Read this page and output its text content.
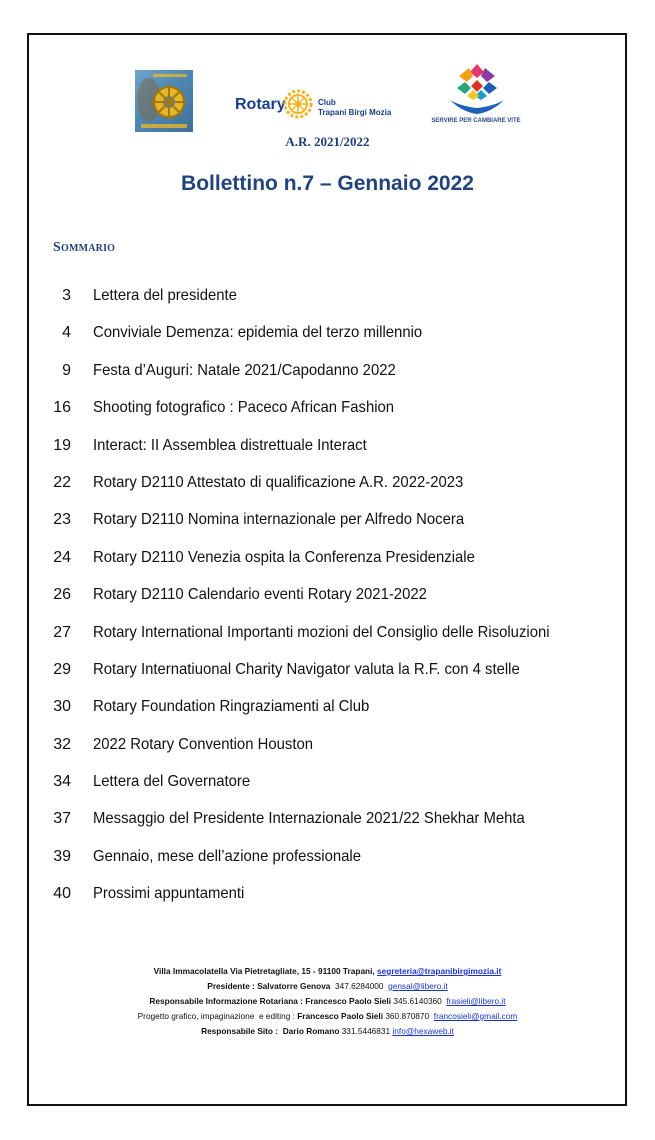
Rotary	Club
Trapani Birgi Mozia
SERVIRE PER CAMBIARE VITE
A.R. 2021/2022
Bollettino n.7 – Gennaio 2022
Sommario
3 Lettera del presidente
4 Conviviale Demenza: epidemia del terzo millennio
9 Festa d’Auguri: Natale 2021/Capodanno 2022
16 Shooting fotografico : Paceco African Fashion
19 Interact: II Assemblea distrettuale Interact
22 Rotary D2110 Attestato di qualificazione A.R. 2022-2023
23 Rotary D2110 Nomina internazionale per Alfredo Nocera
24 Rotary D2110 Venezia ospita la Conferenza Presidenziale
26 Rotary D2110 Calendario eventi Rotary 2021-2022
27 Rotary International Importanti mozioni del Consiglio delle Risoluzioni
29 Rotary Internatiuonal Charity Navigator valuta la R.F. con 4 stelle
30 Rotary Foundation Ringraziamenti al Club
32 2022 Rotary Convention Houston
34 Lettera del Governatore
37 Messaggio del Presidente Internazionale 2021/22 Shekhar Mehta
39 Gennaio, mese dell’azione professionale
40 Prossimi appuntamenti
Villa Immacolatella Via Pietretagliate, 15 - 91100 Trapani, segreteria@trapanibirgimozia.it
Presidente : Salvatorre Genova  347.6284000  gensal@libero.it
Responsabile Informazione Rotariana : Francesco Paolo Sieli 345.6140360  frasieli@libero.it
Progetto grafico, impaginazione  e editing : Francesco Paolo Sieli 360.870870  francosieli@gmail.com
Responsabile Sito :  Dario Romano 331.5446831 info@hexaweb.it
